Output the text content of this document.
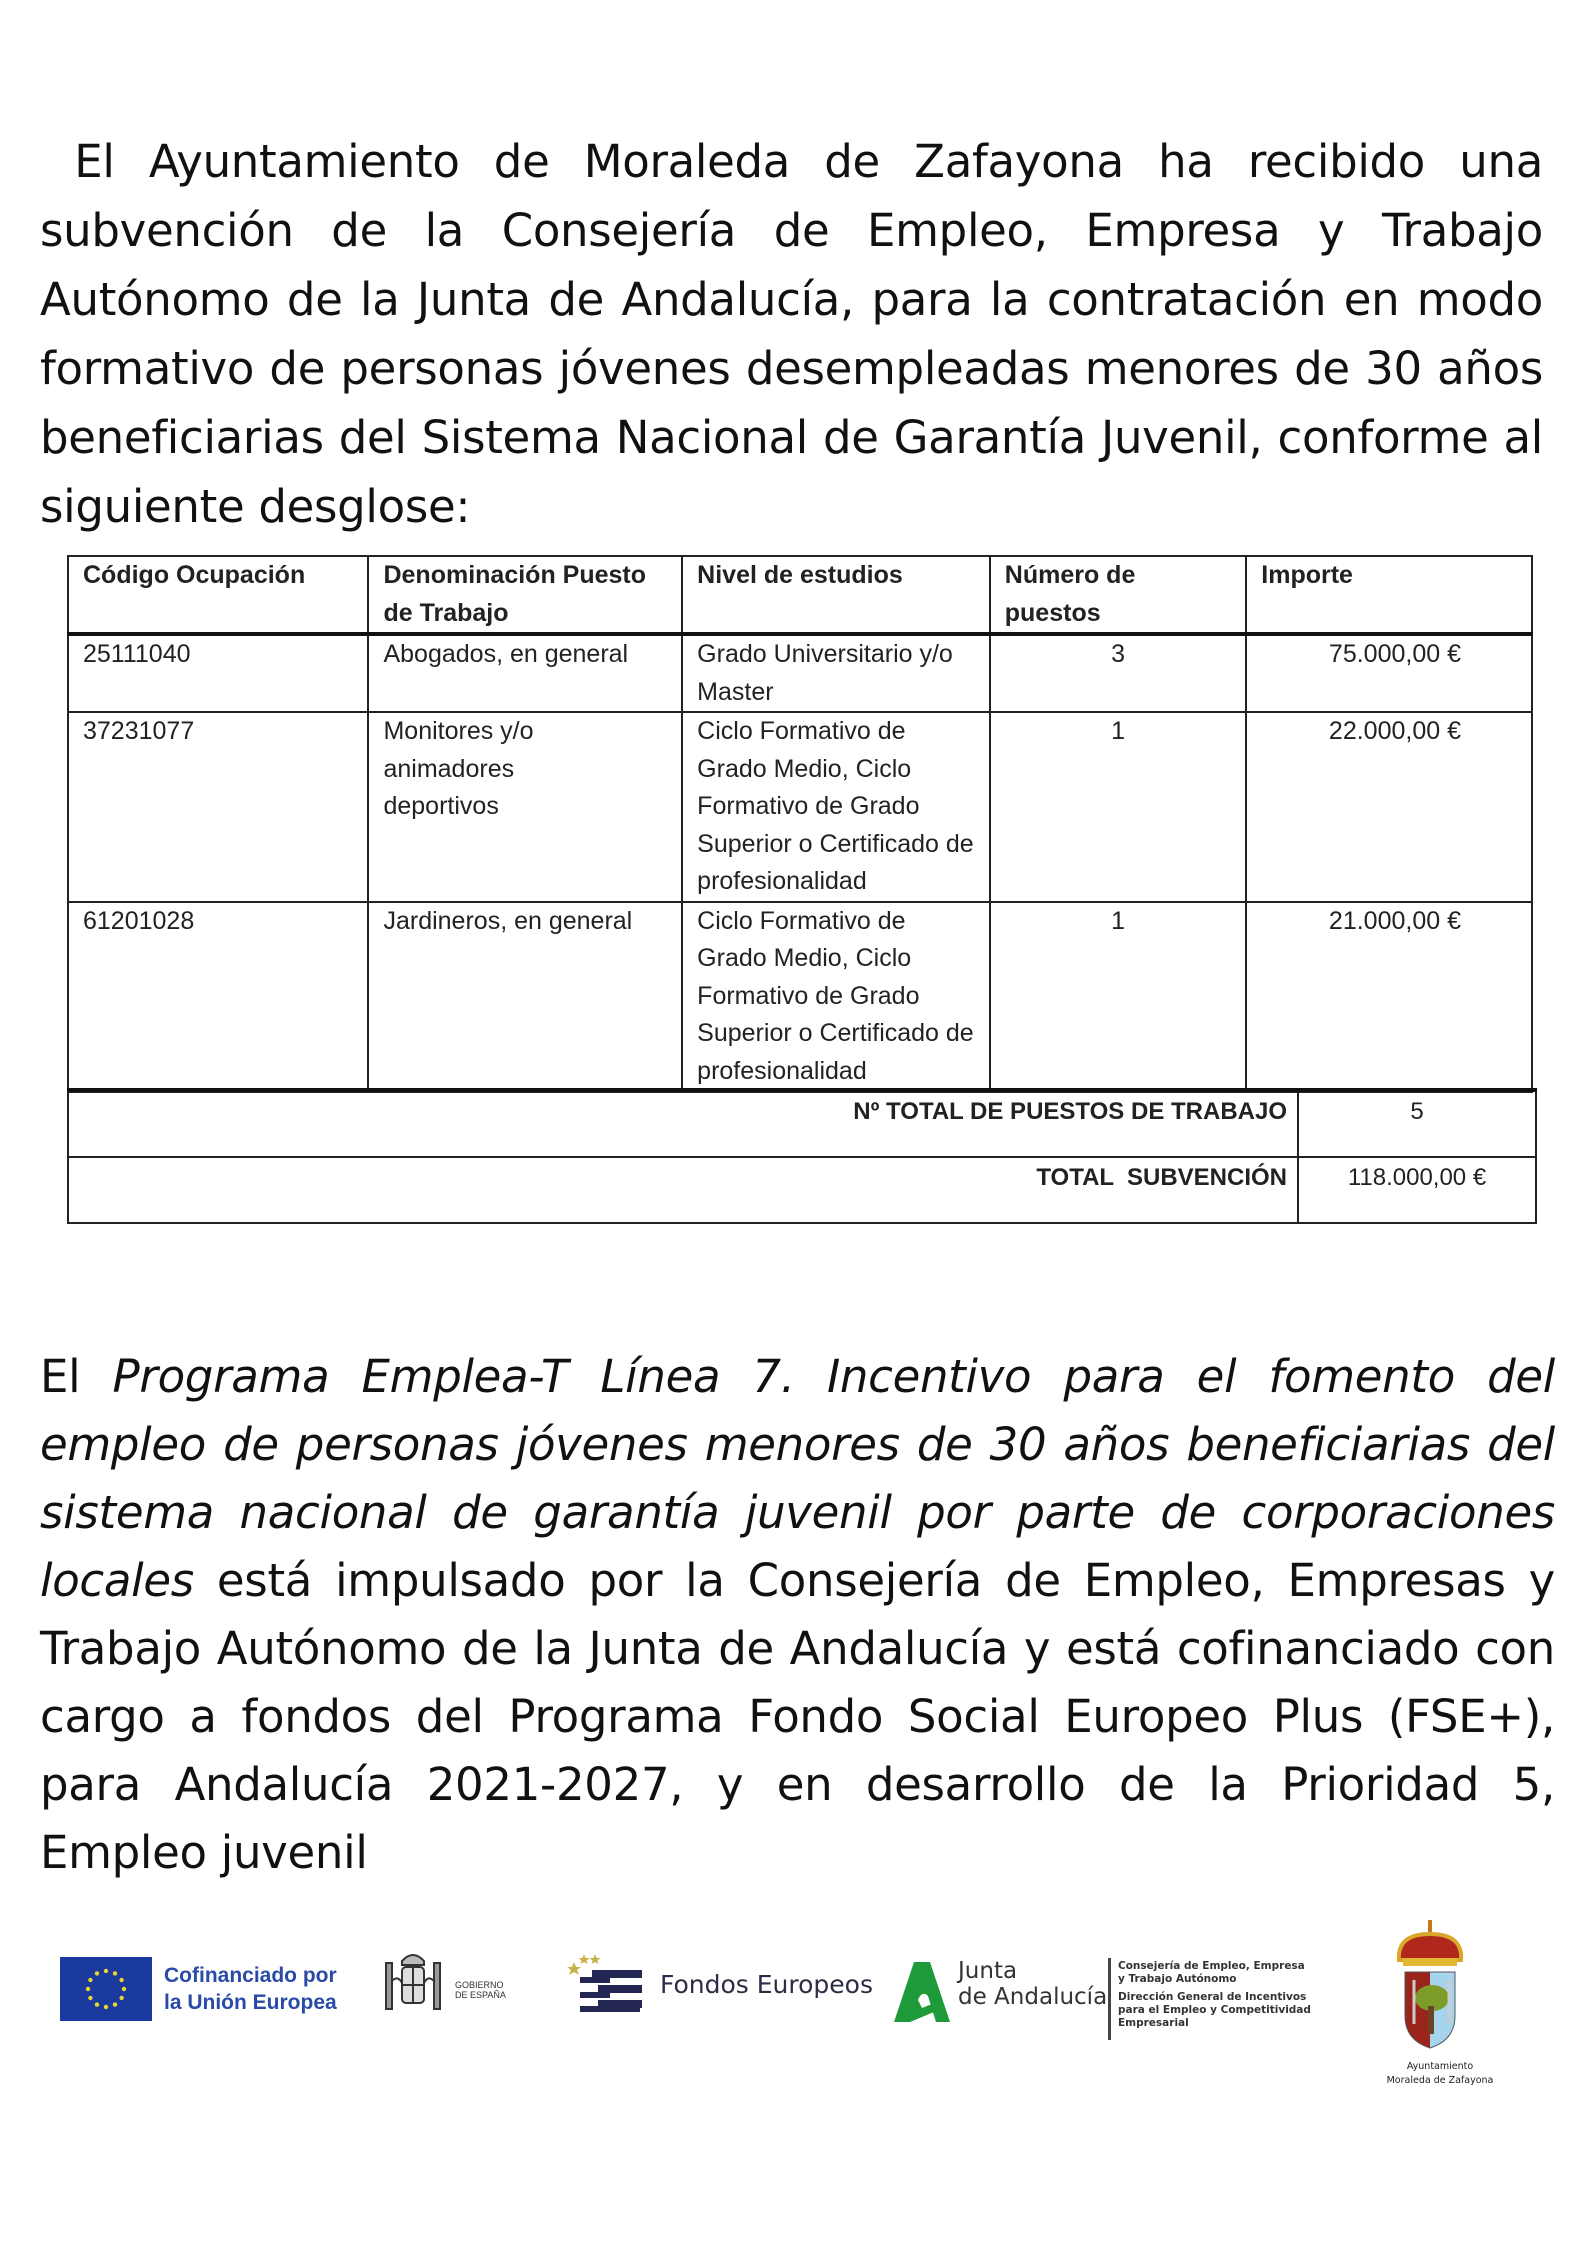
El Ayuntamiento de Moraleda de Zafayona ha recibido una subvención de la Consejería de Empleo, Empresa y Trabajo Autónomo de la Junta de Andalucía, para la contratación en modo formativo de personas jóvenes desempleadas menores de 30 años beneficiarias del Sistema Nacional de Garantía Juvenil, conforme al siguiente desglose:

Código Ocupación	Denominación Puesto de Trabajo	Nivel de estudios	Número de puestos	Importe
25111040	Abogados, en general	Grado Universitario y/o Master	3	75.000,00 €
37231077	Monitores y/o animadores deportivos	Ciclo Formativo de Grado Medio, Ciclo Formativo de Grado Superior o Certificado de profesionalidad	1	22.000,00 €
61201028	Jardineros, en general	Ciclo Formativo de Grado Medio, Ciclo Formativo de Grado Superior o Certificado de profesionalidad	1	21.000,00 €
Nº TOTAL DE PUESTOS DE TRABAJO	5
TOTAL  SUBVENCIÓN	118.000,00 €

El Programa Emplea-T Línea 7. Incentivo para el fomento del empleo de personas jóvenes menores de 30 años beneficiarias del sistema nacional de garantía juvenil por parte de corporaciones locales está impulsado por la Consejería de Empleo, Empresas y Trabajo Autónomo de la Junta de Andalucía y está cofinanciado con cargo a fondos del Programa Fondo Social Europeo Plus (FSE+), para Andalucía 2021-2027, y en desarrollo de la Prioridad 5, Empleo juvenil

Cofinanciado por
la Unión Europea
GOBIERNO
DE ESPAÑA	Fondos Europeos	Junta
de Andalucía
Consejería de Empleo, Empresa
y Trabajo Autónomo
Dirección General de Incentivos
para el Empleo y Competitividad
Empresarial
Ayuntamiento
Moraleda de Zafayona
